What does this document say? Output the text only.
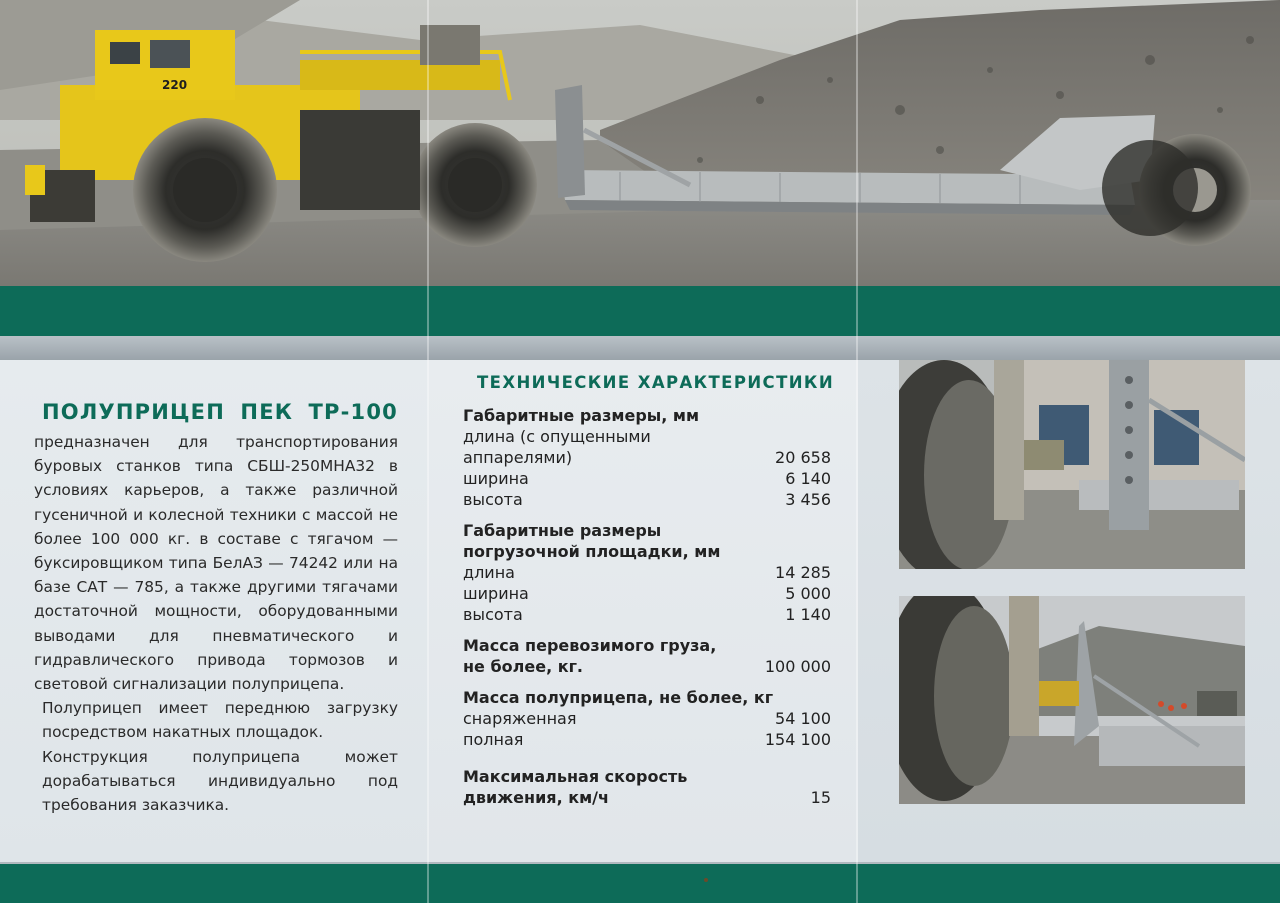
220
ПОЛУПРИЦЕП ПЕК ТР-100

предназначен для транспортирования буровых станков типа СБШ-250МНА32 в условиях карьеров, а также различной гусеничной и колесной техники с массой не более 100 000 кг. в составе с тягачом — буксировщиком типа БелАЗ — 74242 или на базе САТ — 785, а также другими тягачами достаточной мощности, оборудованными выводами для пневматического и гидравлического привода тормозов и световой сигнализации полуприцепа.

Полуприцеп имеет переднюю загрузку посредством накатных площадок.

Конструкция полуприцепа может дорабатываться индивидуально под требования заказчика.

ТЕХНИЧЕСКИЕ ХАРАКТЕРИСТИКИ
Габаритные размеры, мм
длина (с опущенными аппарелями)	20 658
ширина	6 140
высота	3 456
Габаритные размеры погрузочной площадки, мм
длина	14 285
ширина	5 000
высота	1 140
Масса перевозимого груза,
не более, кг.	100 000
Масса полуприцепа, не более, кг
снаряженная	54 100
полная	154 100
Максимальная скорость
движения, км/ч	15
